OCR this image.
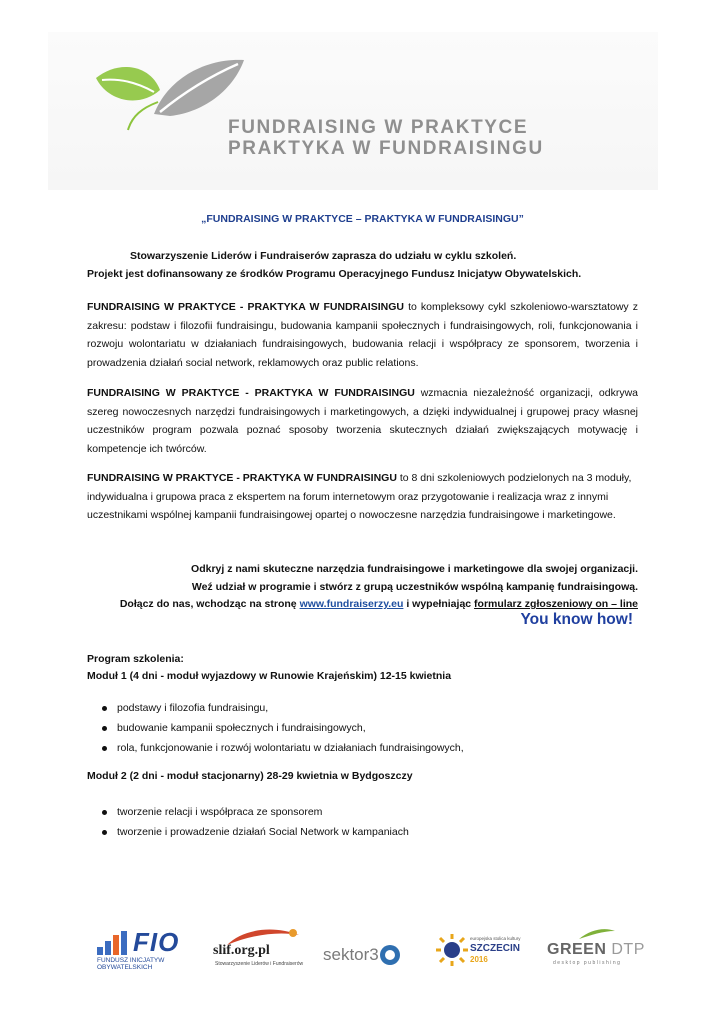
FUNDRAISING W PRAKTYCE
PRAKTYKA W FUNDRAISINGU
„FUNDRAISING W PRAKTYCE – PRAKTYKA W FUNDRAISINGU”
Stowarzyszenie Liderów i Fundraiserów zaprasza do udziału w cyklu szkoleń.
Projekt jest dofinansowany ze środków Programu Operacyjnego Fundusz Inicjatyw Obywatelskich.
FUNDRAISING W PRAKTYCE - PRAKTYKA W FUNDRAISINGU to kompleksowy cykl szkoleniowo-warsztatowy z zakresu: podstaw i filozofii fundraisingu, budowania kampanii społecznych i fundraisingowych, roli, funkcjonowania i rozwoju wolontariatu w działaniach fundraisingowych, budowania relacji i współpracy ze sponsorem, tworzenia i prowadzenia działań social network, reklamowych oraz public relations.
FUNDRAISING W PRAKTYCE - PRAKTYKA W FUNDRAISINGU wzmacnia niezależność organizacji, odkrywa szereg nowoczesnych narzędzi fundraisingowych i marketingowych, a dzięki indywidualnej i grupowej pracy własnej uczestników program pozwala poznać sposoby tworzenia skutecznych działań zwiększających motywację i kompetencje ich twórców.
FUNDRAISING W PRAKTYCE - PRAKTYKA W FUNDRAISINGU to 8 dni szkoleniowych podzielonych na 3 moduły, indywidualna i grupowa praca z ekspertem na forum internetowym oraz przygotowanie i realizacja wraz z innymi uczestnikami wspólnej kampanii fundraisingowej opartej o nowoczesne narzędzia fundraisingowe i marketingowe.
Odkryj z nami skuteczne narzędzia fundraisingowe i marketingowe dla swojej organizacji.
Weź udział w programie i stwórz z grupą uczestników wspólną kampanię fundraisingową.
Dołącz do nas, wchodząc na stronę www.fundraiserzy.eu i wypełniając formularz zgłoszeniowy on – line
You know how!
Program szkolenia:
Moduł 1 (4 dni - moduł wyjazdowy w Runowie Krajeńskim) 12-15 kwietnia
podstawy i filozofia fundraisingu,
budowanie kampanii społecznych i fundraisingowych,
rola, funkcjonowanie i rozwój wolontariatu w działaniach fundraisingowych,
Moduł 2 (2 dni - moduł stacjonarny) 28-29 kwietnia w Bydgoszczy
tworzenie relacji i współpraca ze sponsorem
tworzenie i prowadzenie działań Social Network w kampaniach
FIO
FUNDUSZ INICJATYW
OBYWATELSKICH
slif.org.pl
Stowarzyszenie Liderów i Fundraiserów sektor3
europejska stolica kultury
SZCZECIN
2016
GREEN DTP
desktop publishing
